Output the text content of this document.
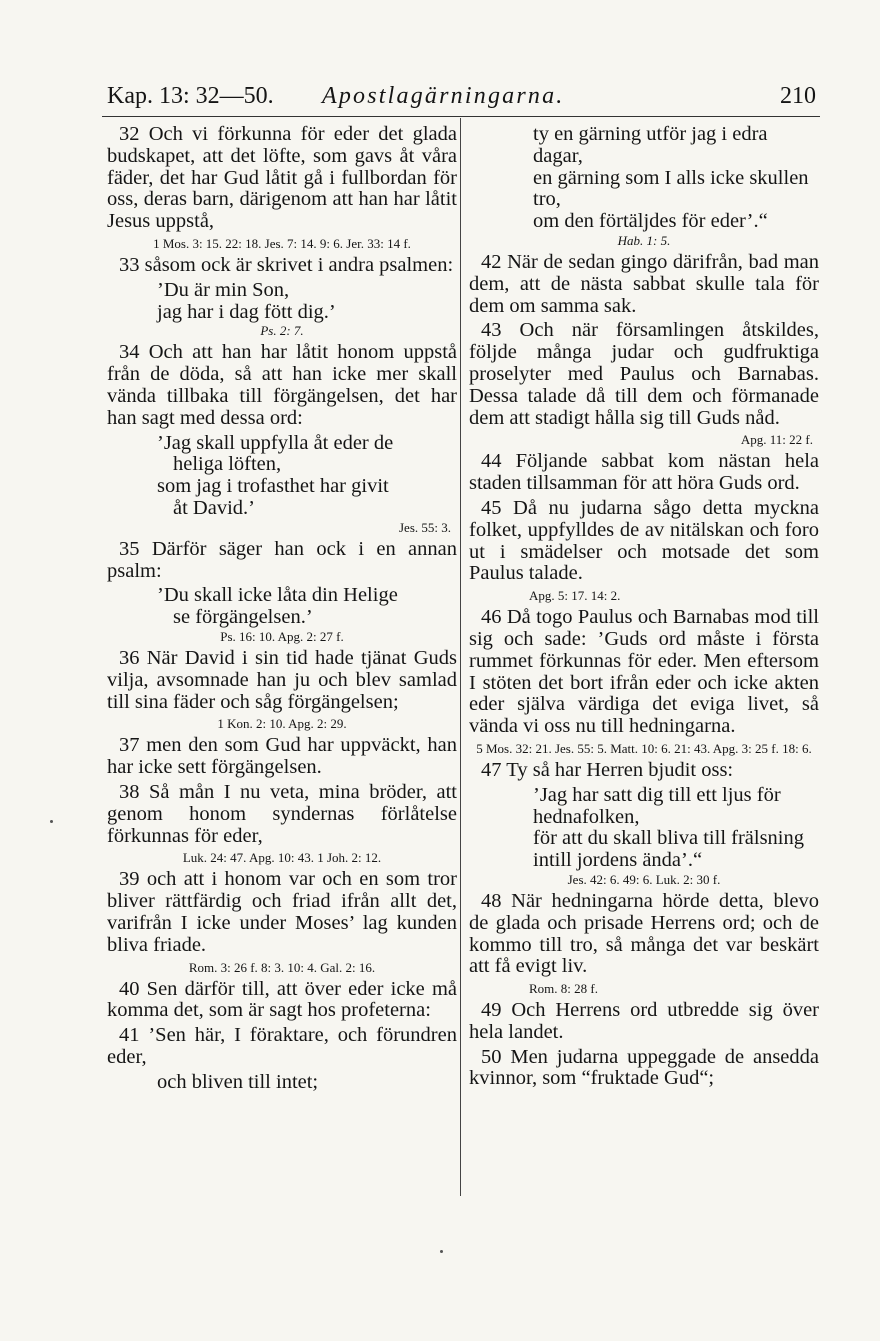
Kap. 13: 32—50. Apostlagärningarna.	210
32 Och vi förkunna för eder det glada budskapet, att det löfte, som gavs åt våra fäder, det har Gud låtit gå i fullbordan för oss, deras barn, därigenom att han har låtit Jesus uppstå,
1 Mos. 3: 15. 22: 18. Jes. 7: 14. 9: 6. Jer. 33: 14 f.
33 såsom ock är skrivet i andra psalmen:
’Du är min Son,
jag har i dag fött dig.’
Ps. 2: 7.
34 Och att han har låtit honom uppstå från de döda, så att han icke mer skall vända tillbaka till förgängelsen, det har han sagt med dessa ord:
’Jag skall uppfylla åt eder de
heliga löften,
som jag i trofasthet har givit
åt David.’
Jes. 55: 3.
35 Därför säger han ock i en annan psalm:
’Du skall icke låta din Helige
se förgängelsen.’
Ps. 16: 10. Apg. 2: 27 f.
36 När David i sin tid hade tjänat Guds vilja, avsomnade han ju och blev samlad till sina fäder och såg förgängelsen;
1 Kon. 2: 10. Apg. 2: 29.
37 men den som Gud har uppväckt, han har icke sett förgängelsen.
38 Så mån I nu veta, mina bröder, att genom honom syndernas förlåtelse förkunnas för eder,
Luk. 24: 47. Apg. 10: 43. 1 Joh. 2: 12.
39 och att i honom var och en som tror bliver rättfärdig och friad ifrån allt det, varifrån I icke under Moses’ lag kunden bliva friade.
Rom. 3: 26 f. 8: 3. 10: 4. Gal. 2: 16.
40 Sen därför till, att över eder icke må komma det, som är sagt hos profeterna:
41 ’Sen här, I föraktare, och förundren eder,
och bliven till intet;
ty en gärning utför jag i edra dagar,
en gärning som I alls icke skullen tro,
om den förtäljdes för eder’.“
Hab. 1: 5.
42 När de sedan gingo därifrån, bad man dem, att de nästa sabbat skulle tala för dem om samma sak.
43 Och när församlingen åtskildes, följde många judar och gudfruktiga proselyter med Paulus och Barnabas. Dessa talade då till dem och förmanade dem att stadigt hålla sig till Guds nåd.
Apg. 11: 22 f.
44 Följande sabbat kom nästan hela staden tillsamman för att höra Guds ord.
45 Då nu judarna sågo detta myckna folket, uppfylldes de av nitälskan och foro ut i smädelser och motsade det som Paulus talade.
Apg. 5: 17. 14: 2.
46 Då togo Paulus och Barnabas mod till sig och sade: ’Guds ord måste i första rummet förkunnas för eder. Men eftersom I stöten det bort ifrån eder och icke akten eder själva värdiga det eviga livet, så vända vi oss nu till hedningarna.
5 Mos. 32: 21. Jes. 55: 5. Matt. 10: 6. 21: 43. Apg. 3: 25 f. 18: 6.
47 Ty så har Herren bjudit oss:
’Jag har satt dig till ett ljus för hednafolken,
för att du skall bliva till frälsning intill jordens ända’.“
Jes. 42: 6. 49: 6. Luk. 2: 30 f.
48 När hedningarna hörde detta, blevo de glada och prisade Herrens ord; och de kommo till tro, så många det var beskärt att få evigt liv.
Rom. 8: 28 f.
49 Och Herrens ord utbredde sig över hela landet.
50 Men judarna uppeggade de ansedda kvinnor, som “fruktade Gud“;
